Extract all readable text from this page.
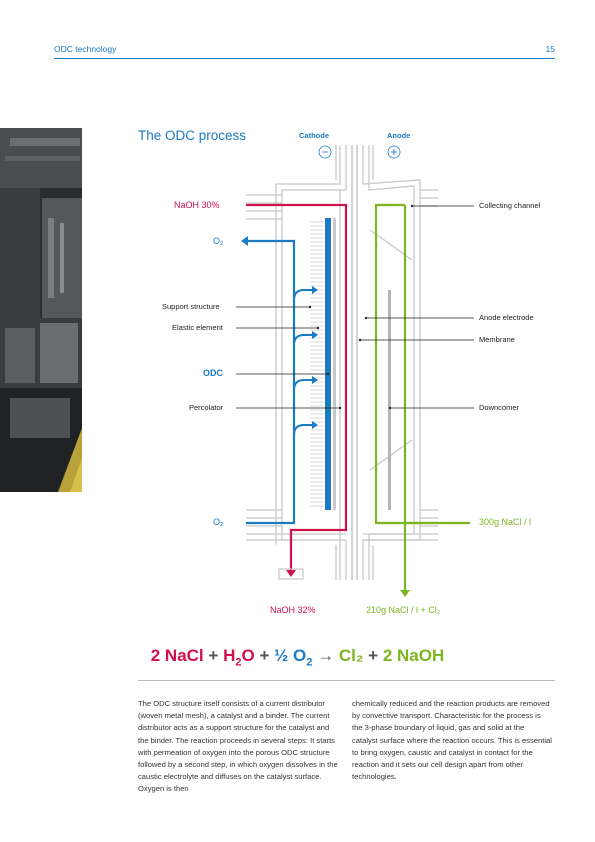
ODC technology	15
The ODC process	Cathode	Anode
NaOH 30%
O₂
Support structure
Elastic element
ODC
Percolator
O₂
Collecting channel
Anode electrode
Membrane
Downcomer
300g NaCl / l
NaOH 32%	210g NaCl / l + Cl₂
2 NaCl + $H_2O$ + ½ $O_2 \to Cl_2 + 2$ NaOH
The ODC structure itself consists of a current distributor (woven metal mesh), a catalyst and a binder. The current distributor acts as a support structure for the catalyst and the binder. The reaction proceeds in several steps: It starts with permeation of oxygen into the porous ODC structure followed by a second step, in which oxygen dissolves in the caustic electrolyte and diffuses on the catalyst surface. Oxygen is then
chemically reduced and the reaction products are removed by convective transport. Characteristic for the process is the 3-phase boundary of liquid, gas and solid at the catalyst surface where the reaction occurs. This is essential to bring oxygen, caustic and catalyst in contact for the reaction and it sets our cell design apart from other technologies.
